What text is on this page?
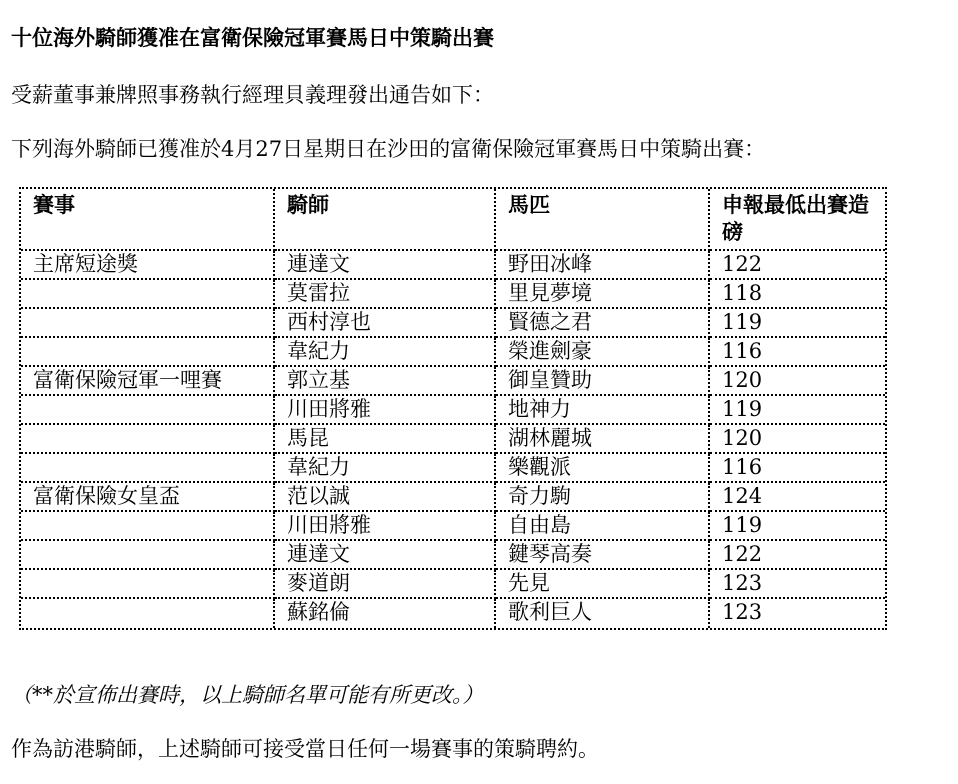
十位海外騎師獲准在富衛保險冠軍賽馬日中策騎出賽
受薪董事兼牌照事務執行經理貝義理發出通告如下：
下列海外騎師已獲准於4月27日星期日在沙田的富衛保險冠軍賽馬日中策騎出賽：
賽事	騎師	馬匹	申報最低出賽造磅
主席短途獎	連達文	野田冰峰	122
	莫雷拉	里見夢境	118
	西村淳也	賢德之君	119
	韋紀力	榮進劍豪	116
富衛保險冠軍一哩賽	郭立基	御皇贊助	120
	川田將雅	地神力	119
	馬昆	湖林麗城	120
	韋紀力	樂觀派	116
富衛保險女皇盃	范以誠	奇力駒	124
	川田將雅	自由島	119
	連達文	鍵琴高奏	122
	麥道朗	先見	123
	蘇銘倫	歌利巨人	123
（**於宣佈出賽時，以上騎師名單可能有所更改。）
作為訪港騎師，上述騎師可接受當日任何一場賽事的策騎聘約。
